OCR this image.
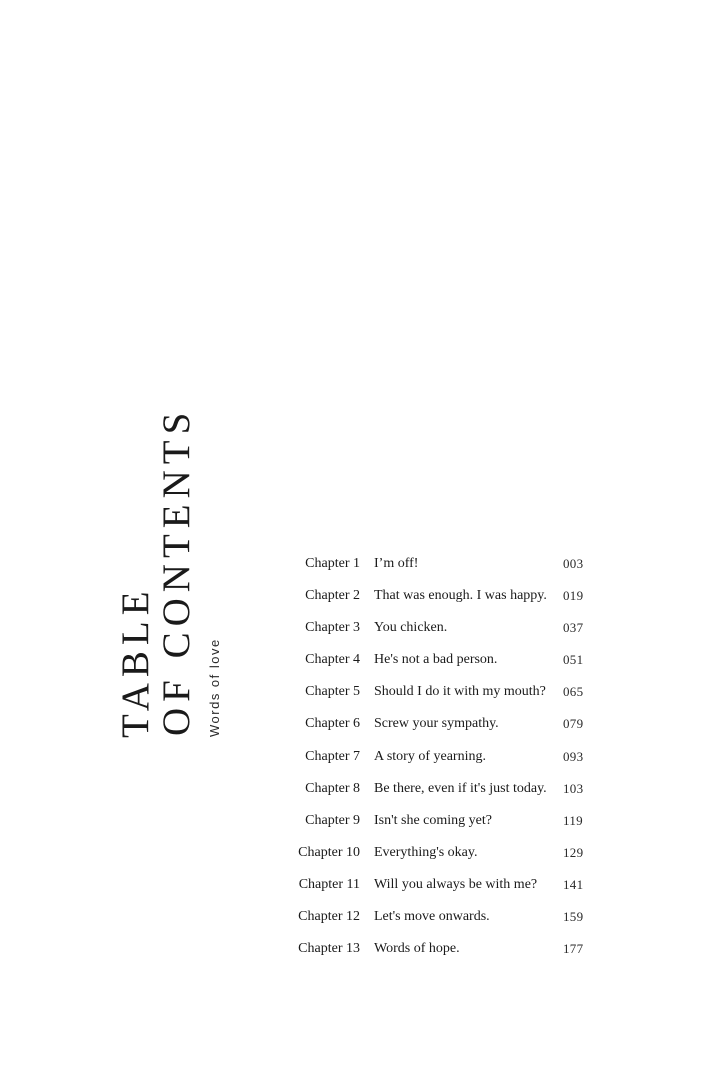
TABLE
OF CONTENTS Words of love
Chapter 1 I’m off!	003
Chapter 2 That was enough. I was happy. 019
Chapter 3 You chicken.	037
Chapter 4 He's not a bad person.	051
Chapter 5 Should I do it with my mouth? 065
Chapter 6 Screw your sympathy.	079
Chapter 7 A story of yearning.	093
Chapter 8 Be there, even if it's just today. 103
Chapter 9 Isn't she coming yet?	119
Chapter 10 Everything's okay.	129
Chapter 11 Will you always be with me? 141
Chapter 12 Let's move onwards.	159
Chapter 13 Words of hope.	177
